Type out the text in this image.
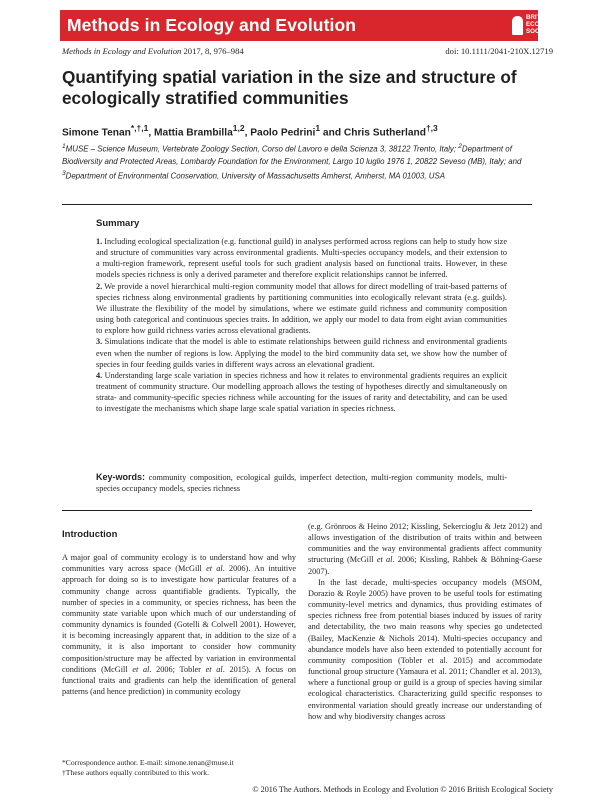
Methods in Ecology and Evolution	BRITISH ECOLOGICAL SOCIETY
Methods in Ecology and Evolution 2017, 8, 976–984	doi: 10.1111/2041-210X.12719
Quantifying spatial variation in the size and structure of ecologically stratified communities
Simone Tenan$^{*,\dagger,1}$, Mattia Brambilla$^{1,2}$, Paolo Pedrini$^1$ and Chris Sutherland$^{\dagger,3}$
$^1$MUSE – Science Museum, Vertebrate Zoology Section, Corso del Lavoro e della Scienza 3, 38122 Trento, Italy; $^2$Department of Biodiversity and Protected Areas, Lombardy Foundation for the Environment, Largo 10 luglio 1976 1, 20822 Seveso (MB), Italy; and $^3$Department of Environmental Conservation, University of Massachusetts Amherst, Amherst, MA 01003, USA
Summary

1. Including ecological specialization (e.g. functional guild) in analyses performed across regions can help to study how size and structure of communities vary across environmental gradients. Multi-species occupancy models, and their extension to a multi-region framework, represent useful tools for such gradient analysis based on functional traits. However, in these models species richness is only a derived parameter and therefore explicit relationships cannot be inferred.

2. We provide a novel hierarchical multi-region community model that allows for direct modelling of trait-based patterns of species richness along environmental gradients by partitioning communities into ecologically relevant strata (e.g. guilds). We illustrate the flexibility of the model by simulations, where we estimate guild richness and community composition using both categorical and continuous species traits. In addition, we apply our model to data from eight avian communities to explore how guild richness varies across elevational gradients.

3. Simulations indicate that the model is able to estimate relationships between guild richness and environmental gradients even when the number of regions is low. Applying the model to the bird community data set, we show how the number of species in four feeding guilds varies in different ways across an elevational gradient.

4. Understanding large scale variation in species richness and how it relates to environmental gradients requires an explicit treatment of community structure. Our modelling approach allows the testing of hypotheses directly and simultaneously on strata- and community-specific species richness while accounting for the issues of rarity and detectability, and can be used to investigate the mechanisms which shape large scale spatial variation in species richness.

Key-words: community composition, ecological guilds, imperfect detection, multi-region community models, multi-species occupancy models, species richness

Introduction

A major goal of community ecology is to understand how and why communities vary across space (McGill et al. 2006). An intuitive approach for doing so is to investigate how particular features of a community change across quantifiable gradients. Typically, the number of species in a community, or species richness, has been the community state variable upon which much of our understanding of community dynamics is founded (Gotelli & Colwell 2001). However, it is becoming increasingly apparent that, in addition to the size of a community, it is also important to consider how community composition/structure may be affected by variation in environmental conditions (McGill et al. 2006; Tobler et al. 2015). A focus on functional traits and gradients can help the identification of general patterns (and hence prediction) in community ecology

(e.g. Grönroos & Heino 2012; Kissling, Sekercioglu & Jetz 2012) and allows investigation of the distribution of traits within and between communities and the way environmental gradients affect community structuring (McGill et al. 2006; Kissling, Rahbek & Böhning-Gaese 2007).

In the last decade, multi-species occupancy models (MSOM, Dorazio & Royle 2005) have proven to be useful tools for estimating community-level metrics and dynamics, thus providing estimates of species richness free from potential biases induced by issues of rarity and detectability, the two main reasons why species go undetected (Bailey, MacKenzie & Nichols 2014). Multi-species occupancy and abundance models have also been extended to potentially account for community composition (Tobler et al. 2015) and accommodate functional group structure (Yamaura et al. 2011; Chandler et al. 2013), where a functional group or guild is a group of species having similar ecological characteristics. Characterizing guild specific responses to environmental variation should greatly increase our understanding of how and why biodiversity changes across

*Correspondence author. E-mail: simone.tenan@muse.it

†These authors equally contributed to this work.

© 2016 The Authors. Methods in Ecology and Evolution © 2016 British Ecological Society
